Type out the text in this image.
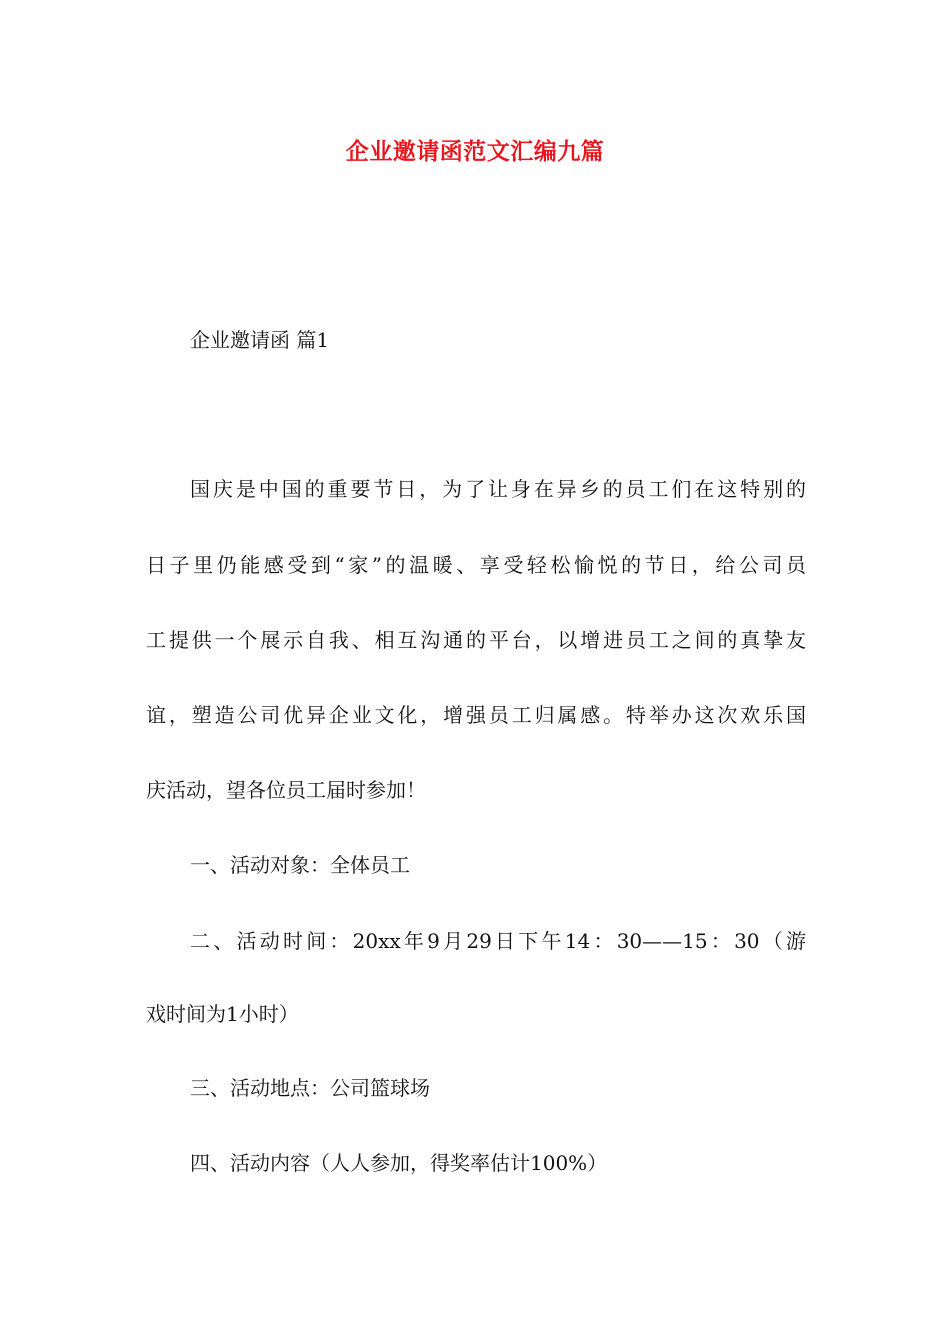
企业邀请函范文汇编九篇
企业邀请函 篇1
国庆是中国的重要节日，为了让身在异乡的员工们在这特别的
日子里仍能感受到“家”的温暖、享受轻松愉悦的节日，给公司员
工提供一个展示自我、相互沟通的平台，以增进员工之间的真挚友
谊，塑造公司优异企业文化，增强员工归属感。特举办这次欢乐国
庆活动，望各位员工届时参加！
一、活动对象：全体员工
二、活动时间：20xx年9月29日下午14：30——15：30（游
戏时间为1小时）
三、活动地点：公司篮球场
四、活动内容（人人参加，得奖率估计100%）
